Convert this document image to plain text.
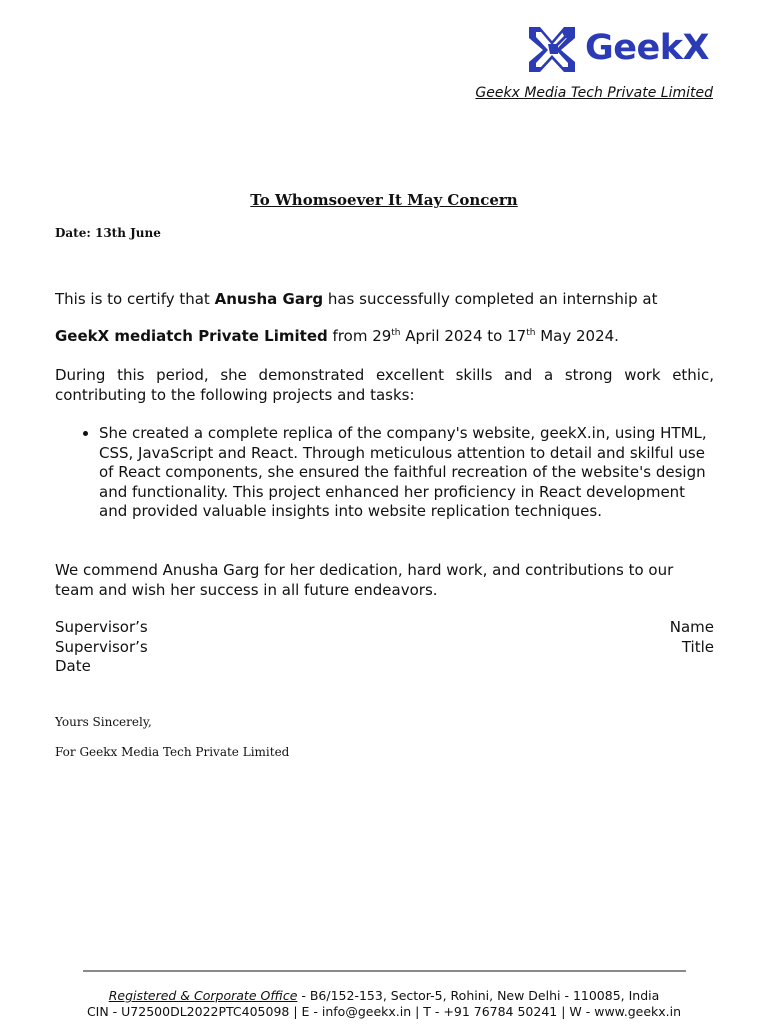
GeekX
Geekx Media Tech Private Limited
To Whomsoever It May Concern
Date: 13th June
This is to certify that Anusha Garg has successfully completed an internship at
GeekX mediatch Private Limited from 29th April 2024 to 17th May 2024.
During this period, she demonstrated excellent skills and a strong work ethic, contributing to the following projects and tasks:
• She created a complete replica of the company's website, geekX.in, using HTML, CSS, JavaScript and React. Through meticulous attention to detail and skilful use of React components, she ensured the faithful recreation of the website's design and functionality. This project enhanced her proficiency in React development and provided valuable insights into website replication techniques.
We commend Anusha Garg for her dedication, hard work, and contributions to our team and wish her success in all future endeavors.
Supervisor’s	Name
Supervisor’s	Title
Date
Yours Sincerely,
For Geekx Media Tech Private Limited
Registered & Corporate Office - B6/152-153, Sector-5, Rohini, New Delhi - 110085, India
CIN - U72500DL2022PTC405098 | E - info@geekx.in | T - +91 76784 50241 | W - www.geekx.in
